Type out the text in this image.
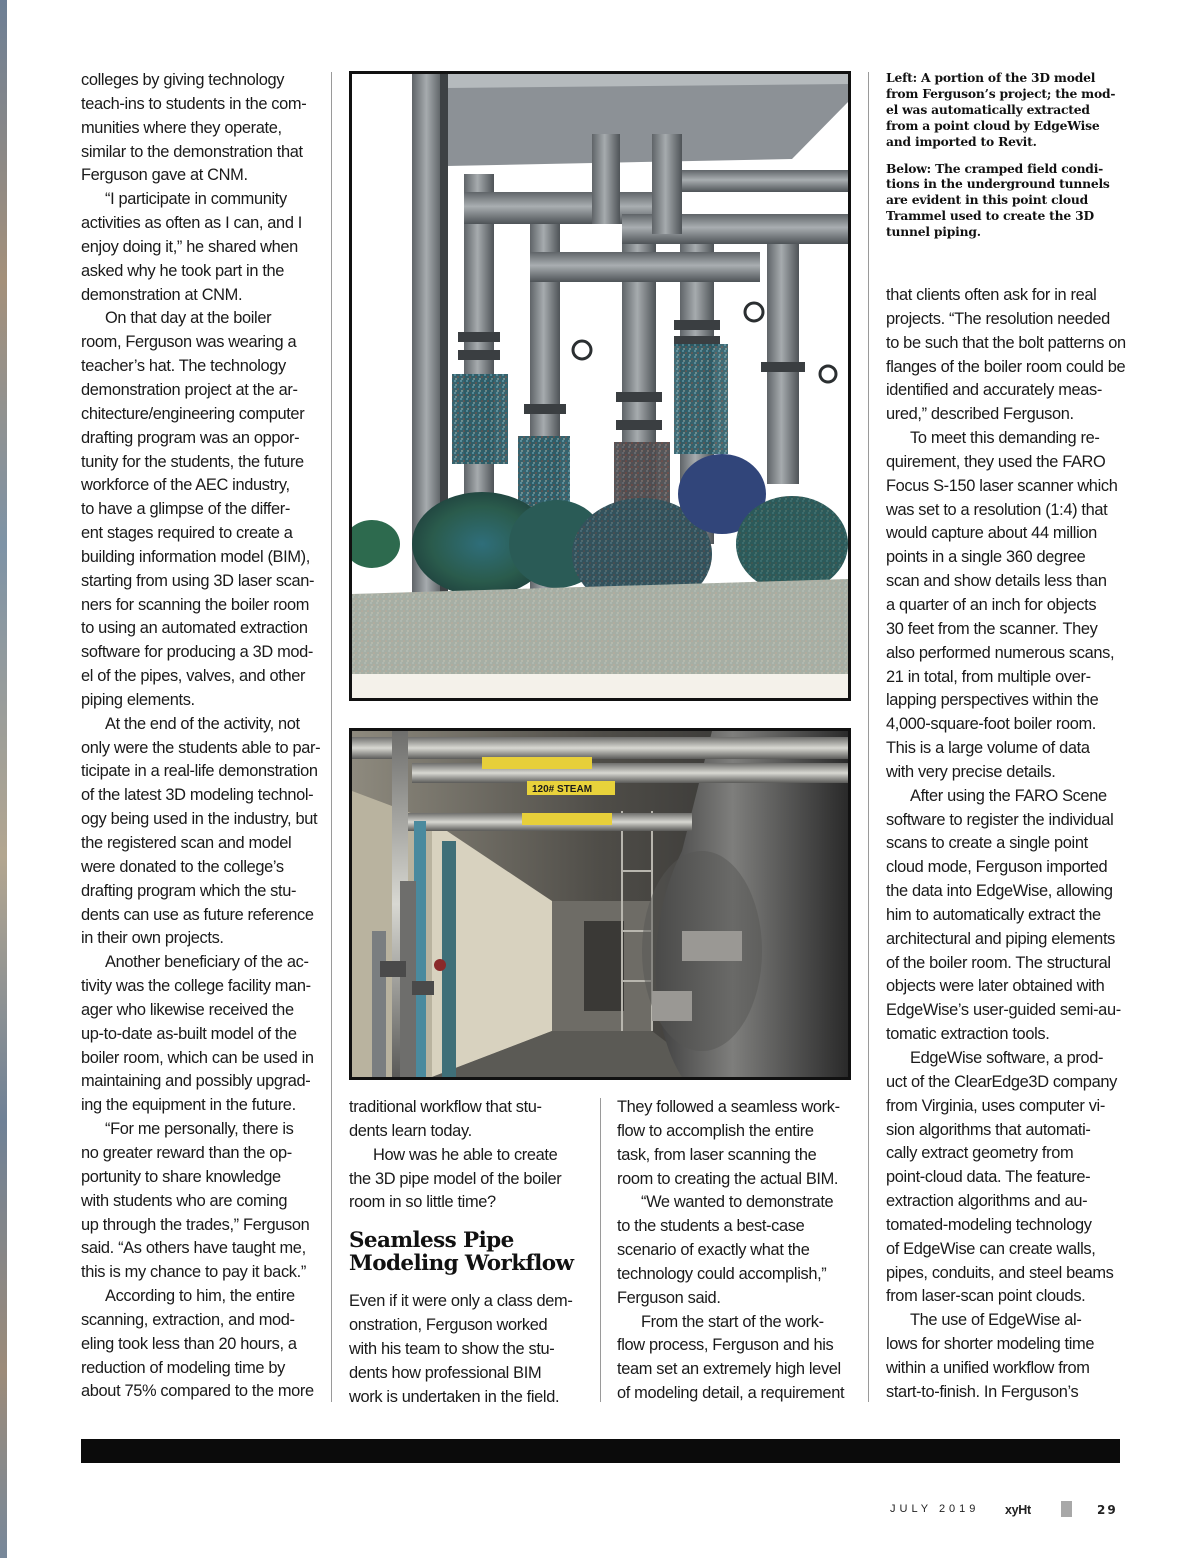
colleges by giving technology

teach-ins to students in the com-

munities where they operate,

similar to the demonstration that

Ferguson gave at CNM.

“I participate in community

activities as often as I can, and I

enjoy doing it,” he shared when

asked why he took part in the

demonstration at CNM.

On that day at the boiler

room, Ferguson was wearing a

teacher’s hat. The technology

demonstration project at the ar-

chitecture/engineering computer

drafting program was an oppor-

tunity for the students, the future

workforce of the AEC industry,

to have a glimpse of the differ-

ent stages required to create a

building information model (BIM),

starting from using 3D laser scan-

ners for scanning the boiler room

to using an automated extraction

software for producing a 3D mod-

el of the pipes, valves, and other

piping elements.

At the end of the activity, not

only were the students able to par-

ticipate in a real-life demonstration

of the latest 3D modeling technol-

ogy being used in the industry, but

the registered scan and model

were donated to the college’s

drafting program which the stu-

dents can use as future reference

in their own projects.

Another beneficiary of the ac-

tivity was the college facility man-

ager who likewise received the

up-to-date as-built model of the

boiler room, which can be used in

maintaining and possibly upgrad-

ing the equipment in the future.

“For me personally, there is

no greater reward than the op-

portunity to share knowledge

with students who are coming

up through the trades,” Ferguson

said. “As others have taught me,

this is my chance to pay it back.”

According to him, the entire

scanning, extraction, and mod-

eling took less than 20 hours, a

reduction of modeling time by

about 75% compared to the more

120# STEAM

traditional workflow that stu-

dents learn today.

How was he able to create

the 3D pipe model of the boiler

room in so little time?

Seamless Pipe
Modeling Workflow

Even if it were only a class dem-

onstration, Ferguson worked

with his team to show the stu-

dents how professional BIM

work is undertaken in the field.

They followed a seamless work-

flow to accomplish the entire

task, from laser scanning the

room to creating the actual BIM.

“We wanted to demonstrate

to the students a best-case

scenario of exactly what the

technology could accomplish,”

Ferguson said.

From the start of the work-

flow process, Ferguson and his

team set an extremely high level

of modeling detail, a requirement

Left: A portion of the 3D model
from Ferguson’s project; the mod-
el was automatically extracted
from a point cloud by EdgeWise
and imported to Revit.

Below: The cramped field condi-
tions in the underground tunnels
are evident in this point cloud
Trammel used to create the 3D
tunnel piping.

that clients often ask for in real

projects. “The resolution needed

to be such that the bolt patterns on

flanges of the boiler room could be

identified and accurately meas-

ured,” described Ferguson.

To meet this demanding re-

quirement, they used the FARO

Focus S-150 laser scanner which

was set to a resolution (1:4) that

would capture about 44 million

points in a single 360 degree

scan and show details less than

a quarter of an inch for objects

30 feet from the scanner. They

also performed numerous scans,

21 in total, from multiple over-

lapping perspectives within the

4,000-square-foot boiler room.

This is a large volume of data

with very precise details.

After using the FARO Scene

software to register the individual

scans to create a single point

cloud mode, Ferguson imported

the data into EdgeWise, allowing

him to automatically extract the

architectural and piping elements

of the boiler room. The structural

objects were later obtained with

EdgeWise’s user-guided semi-au-

tomatic extraction tools.

EdgeWise software, a prod-

uct of the ClearEdge3D company

from Virginia, uses computer vi-

sion algorithms that automati-

cally extract geometry from

point-cloud data. The feature-

extraction algorithms and au-

tomated-modeling technology

of EdgeWise can create walls,

pipes, conduits, and steel beams

from laser-scan point clouds.

The use of EdgeWise al-

lows for shorter modeling time

within a unified workflow from

start-to-finish. In Ferguson’s

JULY 2019 xyHt	29
